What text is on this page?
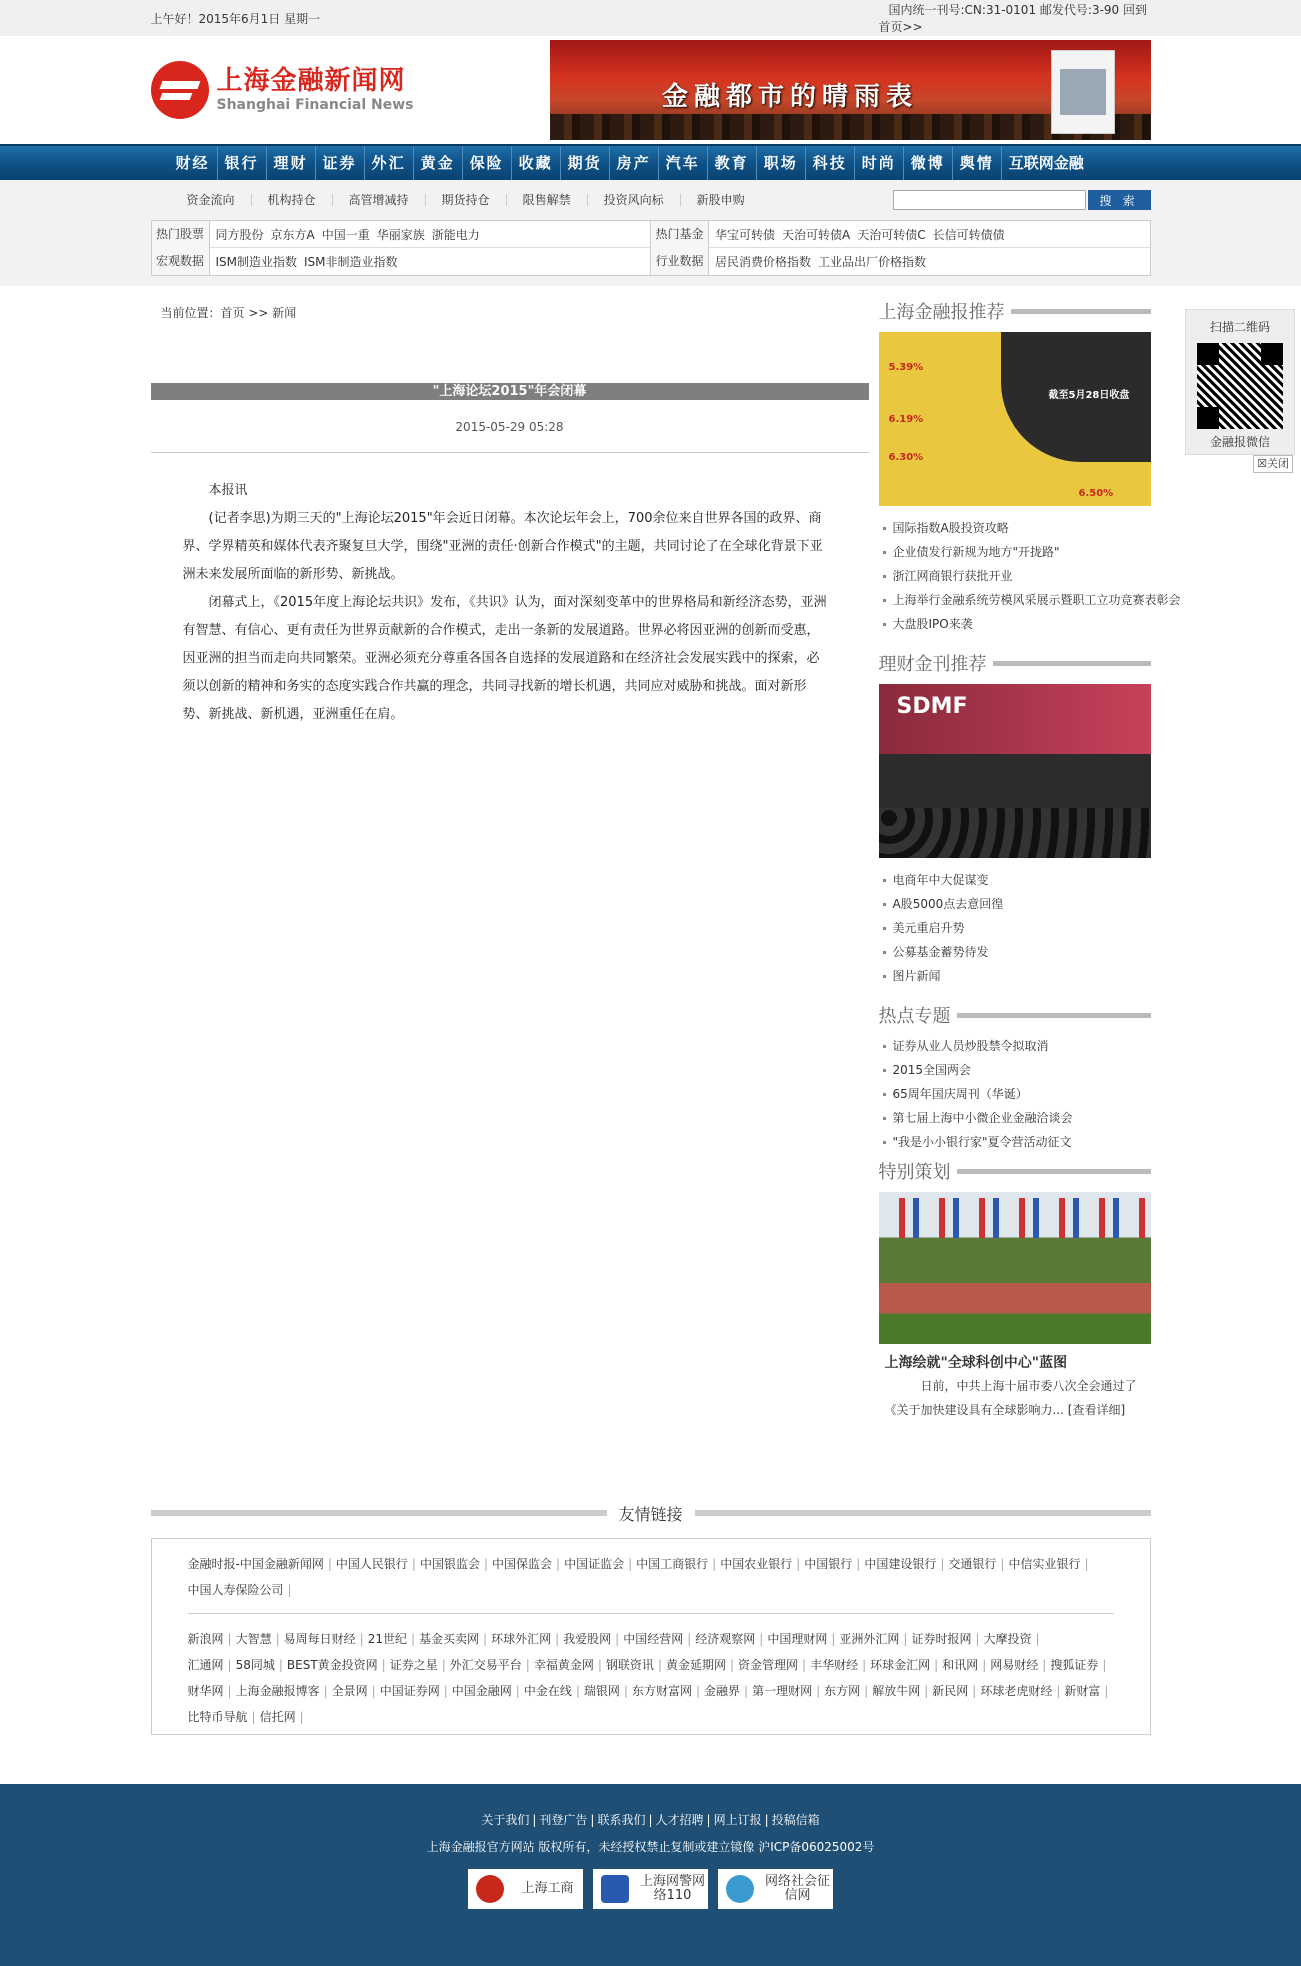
上午好！2015年6月1日 星期一
国内统一刊号:CN:31-0101 邮发代号:3-90 回到首页>>
上海金融新闻网
Shanghai Financial News	金融都市的晴雨表
财经	银行	理财	证券	外汇	黄金	保险	收藏	期货	房产	汽车	教育	职场	科技	时尚	微博	舆情	互联网金融
资金流向	机构持仓	高管增减持	期货持仓	限售解禁	投资风向标	新股申购	搜 索
热门股票 同方股份 京东方A 中国一重 华丽家族 浙能电力	热门基金 华宝可转债 天治可转债A 天治可转债C 长信可转债债
宏观数据 ISM制造业指数 ISM非制造业指数	行业数据 居民消费价格指数 工业品出厂价格指数
当前位置：首页 >> 新闻
"上海论坛2015"年会闭幕
2015-05-29 05:28

本报讯

(记者李思)为期三天的"上海论坛2015"年会近日闭幕。本次论坛年会上，700余位来自世界各国的政界、商界、学界精英和媒体代表齐聚复旦大学，围绕"亚洲的责任·创新合作模式"的主题，共同讨论了在全球化背景下亚洲未来发展所面临的新形势、新挑战。

闭幕式上，《2015年度上海论坛共识》发布，《共识》认为，面对深刻变革中的世界格局和新经济态势，亚洲有智慧、有信心、更有责任为世界贡献新的合作模式，走出一条新的发展道路。世界必将因亚洲的创新而受惠，因亚洲的担当而走向共同繁荣。亚洲必须充分尊重各国各自选择的发展道路和在经济社会发展实践中的探索，必须以创新的精神和务实的态度实践合作共赢的理念，共同寻找新的增长机遇，共同应对威胁和挑战。面对新形势、新挑战、新机遇，亚洲重任在肩。

上海金融报推荐
截至5月28日收盘
5.39%
6.19%
6.30%
6.50%
国际指数A股投资攻略
企业债发行新规为地方"开拢路"
浙江网商银行获批开业
上海举行金融系统劳模风采展示暨职工立功竞赛表彰会
大盘股IPO来袭
理财金刊推荐
SDMF
电商年中大促谋变
A股5000点去意回徨
美元重启升势
公募基金蓄势待发
图片新闻
热点专题
证券从业人员炒股禁令拟取消
2015全国两会
65周年国庆周刊（华诞）
第七届上海中小微企业金融洽谈会
"我是小小银行家"夏令营活动征文
特别策划
上海绘就"全球科创中心"蓝图
日前，中共上海十届市委八次全会通过了《关于加快建设具有全球影响力... [查看详细]
友情链接
金融时报-中国金融新闻网 | 中国人民银行 | 中国银监会 | 中国保监会 | 中国证监会 | 中国工商银行 | 中国农业银行 | 中国银行 | 中国建设银行 | 交通银行 | 中信实业银行 |中国人寿保险公司 |
新浪网 | 大智慧 | 易周每日财经 | 21世纪 | 基金买卖网 | 环球外汇网 | 我爱股网 | 中国经营网 | 经济观察网 | 中国理财网 | 亚洲外汇网 | 证券时报网 | 大摩投资 |汇通网 | 58同城 | BEST黄金投资网 | 证券之星 | 外汇交易平台 | 幸福黄金网 | 钢联资讯 | 黄金延期网 | 资金管理网 | 丰华财经 | 环球金汇网 | 和讯网 | 网易财经 | 搜狐证券 |财华网 | 上海金融报博客 | 全景网 | 中国证券网 | 中国金融网 | 中金在线 | 瑞银网 | 东方财富网 | 金融界 | 第一理财网 | 东方网 | 解放牛网 | 新民网 | 环球老虎财经 | 新财富 |比特币导航 | 信托网 |
扫描二维码
金融报微信
☒关闭
关于我们 | 刊登广告 | 联系我们 | 人才招聘 | 网上订报 | 投稿信箱
上海金融报官方网站 版权所有，未经授权禁止复制或建立镜像 沪ICP备06025002号
上海工商	上海网警网络110
网络社会征信网
